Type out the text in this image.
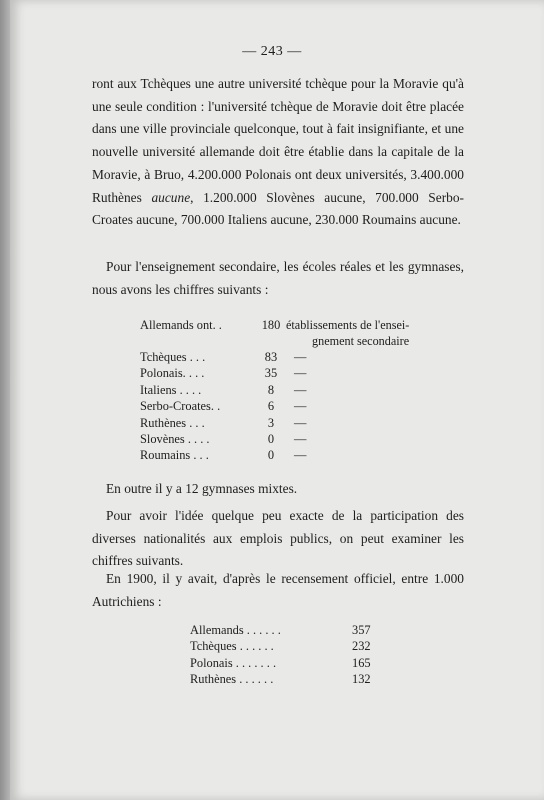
— 243 —

ront aux Tchèques une autre université tchèque pour la Moravie qu'à une seule condition : l'université tchèque de Moravie doit être placée dans une ville provinciale quelconque, tout à fait insignifiante, et une nouvelle université allemande doit être établie dans la capitale de la Moravie, à Bruo, 4.200.000 Polonais ont deux universités, 3.400.000 Ruthènes aucune, 1.200.000 Slovènes aucune, 700.000 Serbo-Croates aucune, 700.000 Italiens aucune, 230.000 Roumains aucune.

Pour l'enseignement secondaire, les écoles réales et les gymnases, nous avons les chiffres suivants :

Allemands ont. .	180	établissements de l'ensei-
gnement secondaire

Tchèques . . .	83	—
Polonais. . . .	35	—
Italiens . . . .	8	—
Serbo-Croates. .	6	—
Ruthènes . . .	3	—
Slovènes . . . .	0	—
Roumains . . .	0	—

En outre il y a 12 gymnases mixtes.

Pour avoir l'idée quelque peu exacte de la participation des diverses nationalités aux emplois publics, on peut examiner les chiffres suivants.

En 1900, il y avait, d'après le recensement officiel, entre 1.000 Autrichiens :

Allemands . . . . . .	357
Tchèques . . . . . .	232
Polonais . . . . . . .	165
Ruthènes . . . . . .	132
